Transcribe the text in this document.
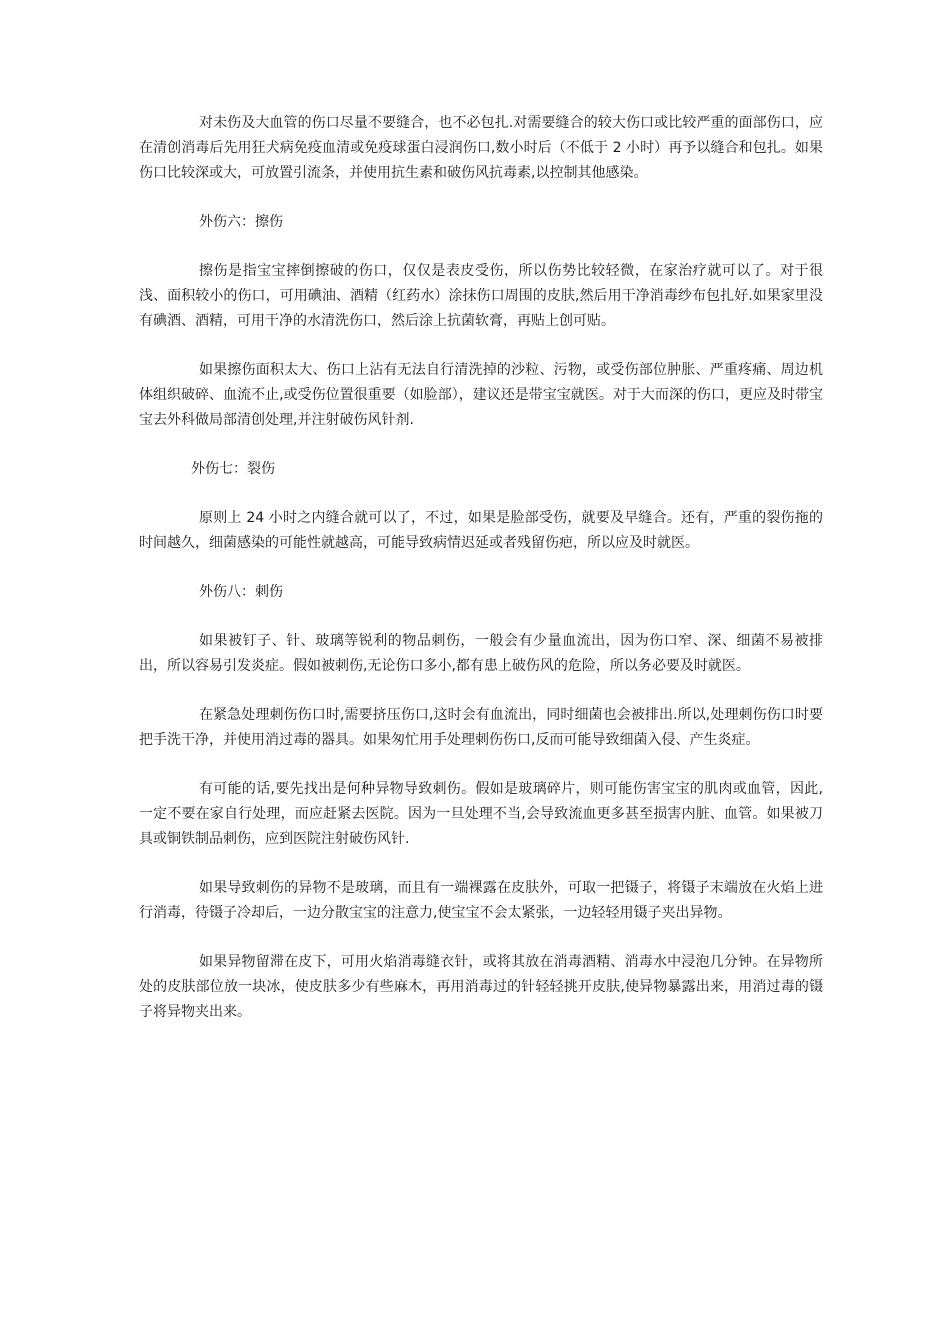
对未伤及大血管的伤口尽量不要缝合，也不必包扎.对需要缝合的较大伤口或比较严重的面部伤口，应在清创消毒后先用狂犬病免疫血清或免疫球蛋白浸润伤口,数小时后（不低于 2 小时）再予以缝合和包扎。如果伤口比较深或大，可放置引流条，并使用抗生素和破伤风抗毒素,以控制其他感染。

外伤六：擦伤

擦伤是指宝宝摔倒擦破的伤口，仅仅是表皮受伤，所以伤势比较轻微，在家治疗就可以了。对于很浅、面积较小的伤口，可用碘油、酒精（红药水）涂抹伤口周围的皮肤,然后用干净消毒纱布包扎好.如果家里没有碘酒、酒精，可用干净的水清洗伤口，然后涂上抗菌软膏，再贴上创可贴。

如果擦伤面积太大、伤口上沾有无法自行清洗掉的沙粒、污物，或受伤部位肿胀、严重疼痛、周边机体组织破碎、血流不止,或受伤位置很重要（如脸部），建议还是带宝宝就医。对于大而深的伤口，更应及时带宝宝去外科做局部清创处理,并注射破伤风针剂.

外伤七：裂伤

原则上 24 小时之内缝合就可以了，不过，如果是脸部受伤，就要及早缝合。还有，严重的裂伤拖的时间越久，细菌感染的可能性就越高，可能导致病情迟延或者残留伤疤，所以应及时就医。

外伤八：刺伤

如果被钉子、针、玻璃等锐利的物品刺伤，一般会有少量血流出，因为伤口窄、深、细菌不易被排出，所以容易引发炎症。假如被刺伤,无论伤口多小,都有患上破伤风的危险，所以务必要及时就医。

在紧急处理刺伤伤口时,需要挤压伤口,这时会有血流出，同时细菌也会被排出.所以,处理刺伤伤口时要把手洗干净，并使用消过毒的器具。如果匆忙用手处理刺伤伤口,反而可能导致细菌入侵、产生炎症。

有可能的话,要先找出是何种异物导致刺伤。假如是玻璃碎片，则可能伤害宝宝的肌肉或血管，因此,一定不要在家自行处理，而应赶紧去医院。因为一旦处理不当,会导致流血更多甚至损害内脏、血管。如果被刀具或铜铁制品刺伤，应到医院注射破伤风针.

如果导致刺伤的异物不是玻璃，而且有一端裸露在皮肤外，可取一把镊子，将镊子末端放在火焰上进行消毒，待镊子冷却后，一边分散宝宝的注意力,使宝宝不会太紧张，一边轻轻用镊子夹出异物。

如果异物留滞在皮下，可用火焰消毒缝衣针，或将其放在消毒酒精、消毒水中浸泡几分钟。在异物所处的皮肤部位放一块冰，使皮肤多少有些麻木，再用消毒过的针轻轻挑开皮肤,使异物暴露出来，用消过毒的镊子将异物夹出来。
